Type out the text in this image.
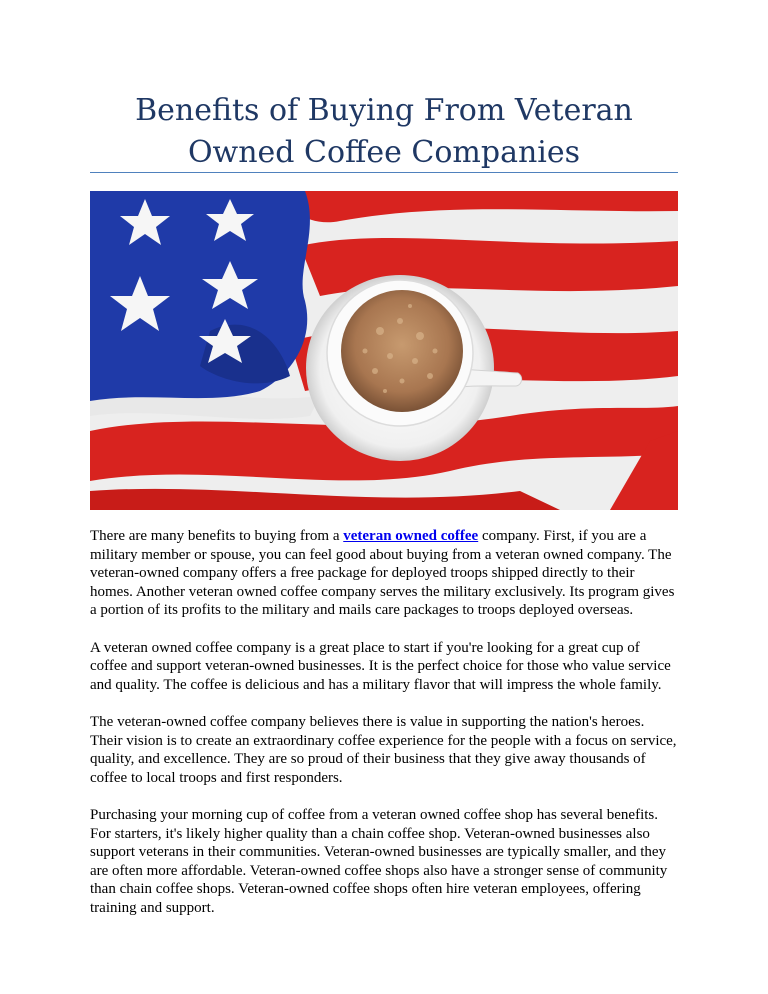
Benefits of Buying From Veteran Owned Coffee Companies

There are many benefits to buying from a veteran owned coffee company. First, if you are a military member or spouse, you can feel good about buying from a veteran owned company. The veteran-owned company offers a free package for deployed troops shipped directly to their homes. Another veteran owned coffee company serves the military exclusively. Its program gives a portion of its profits to the military and mails care packages to troops deployed overseas.

A veteran owned coffee company is a great place to start if you're looking for a great cup of coffee and support veteran-owned businesses. It is the perfect choice for those who value service and quality. The coffee is delicious and has a military flavor that will impress the whole family.

The veteran-owned coffee company believes there is value in supporting the nation's heroes. Their vision is to create an extraordinary coffee experience for the people with a focus on service, quality, and excellence. They are so proud of their business that they give away thousands of coffee to local troops and first responders.

Purchasing your morning cup of coffee from a veteran owned coffee shop has several benefits. For starters, it's likely higher quality than a chain coffee shop. Veteran-owned businesses also support veterans in their communities. Veteran-owned businesses are typically smaller, and they are often more affordable. Veteran-owned coffee shops also have a stronger sense of community than chain coffee shops. Veteran-owned coffee shops often hire veteran employees, offering training and support.
